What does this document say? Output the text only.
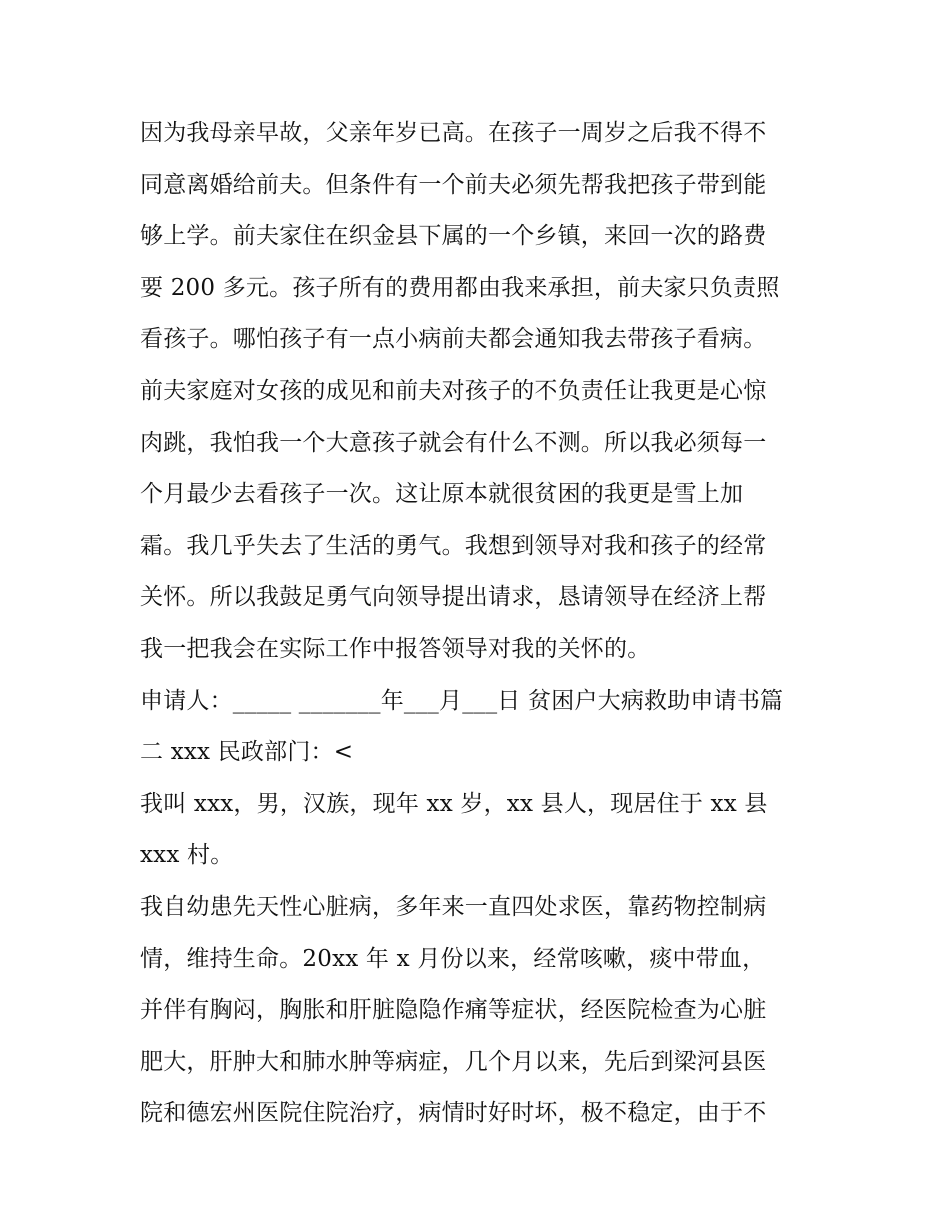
因为我母亲早故，父亲年岁已高。在孩子一周岁之后我不得不
同意离婚给前夫。但条件有一个前夫必须先帮我把孩子带到能
够上学。前夫家住在织金县下属的一个乡镇，来回一次的路费
要 200 多元。孩子所有的费用都由我来承担，前夫家只负责照
看孩子。哪怕孩子有一点小病前夫都会通知我去带孩子看病。
前夫家庭对女孩的成见和前夫对孩子的不负责任让我更是心惊
肉跳，我怕我一个大意孩子就会有什么不测。所以我必须每一
个月最少去看孩子一次。这让原本就很贫困的我更是雪上加
霜。我几乎失去了生活的勇气。我想到领导对我和孩子的经常
关怀。所以我鼓足勇气向领导提出请求，恳请领导在经济上帮
我一把我会在实际工作中报答领导对我的关怀的。
申请人：_____ _______年___月___日 贫困户大病救助申请书篇
二 xxx 民政部门：<
我叫 xxx，男，汉族，现年 xx 岁，xx 县人，现居住于 xx 县
xxx 村。
我自幼患先天性心脏病，多年来一直四处求医，靠药物控制病
情，维持生命。20xx 年 x 月份以来，经常咳嗽，痰中带血，
并伴有胸闷，胸胀和肝脏隐隐作痛等症状，经医院检查为心脏
肥大，肝肿大和肺水肿等病症，几个月以来，先后到梁河县医
院和德宏州医院住院治疗，病情时好时坏，极不稳定，由于不
